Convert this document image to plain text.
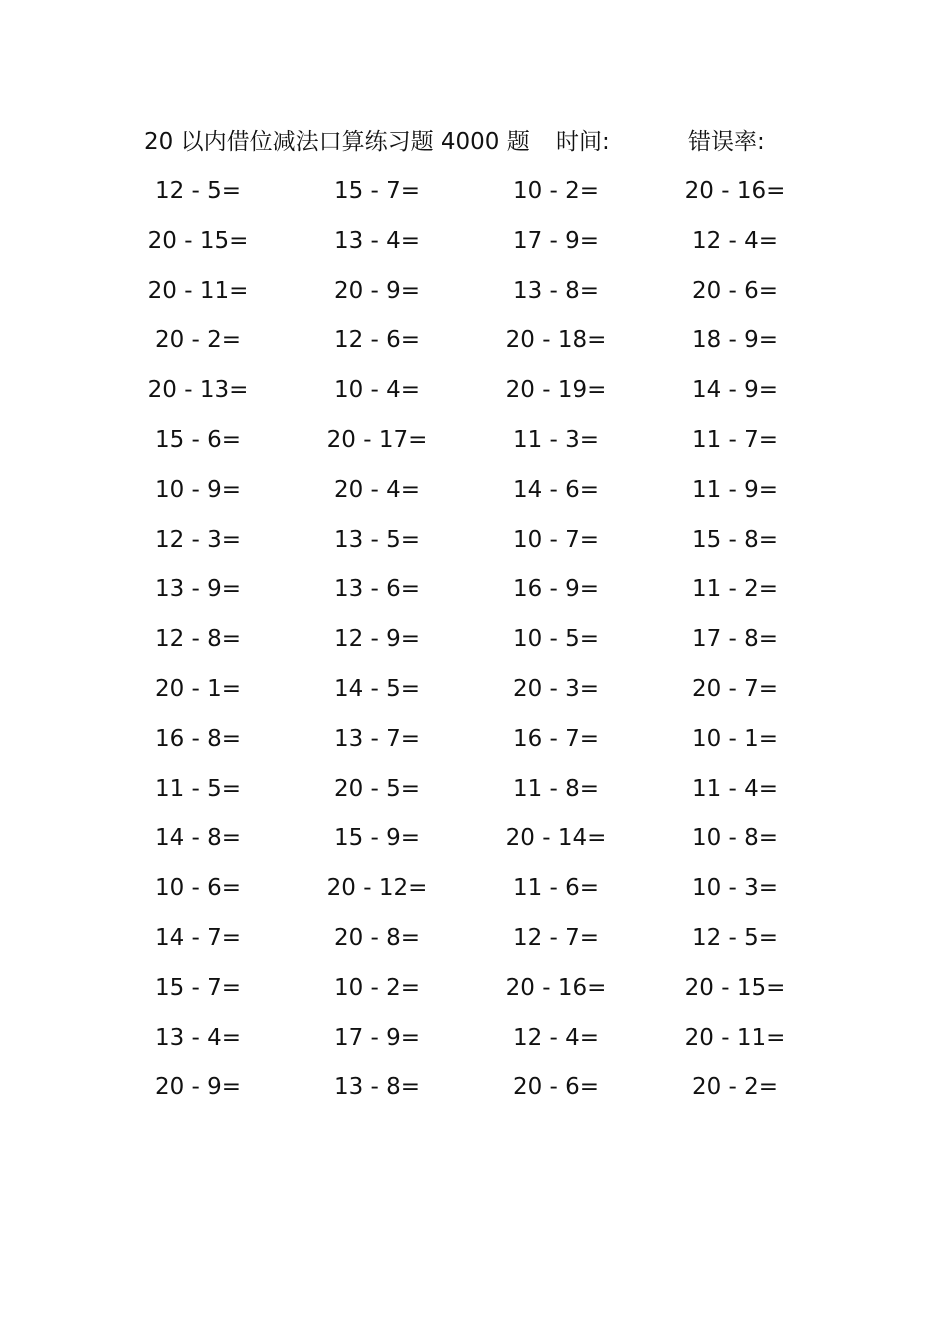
20 以内借位减法口算练习题 4000 题 时间:	错误率:
12 - 5=	15 - 7=	10 - 2=	20 - 16=
20 - 15=	13 - 4=	17 - 9=	12 - 4=
20 - 11=	20 - 9=	13 - 8=	20 - 6=
20 - 2=	12 - 6=	20 - 18=	18 - 9=
20 - 13=	10 - 4=	20 - 19=	14 - 9=
15 - 6=	20 - 17=	11 - 3=	11 - 7=
10 - 9=	20 - 4=	14 - 6=	11 - 9=
12 - 3=	13 - 5=	10 - 7=	15 - 8=
13 - 9=	13 - 6=	16 - 9=	11 - 2=
12 - 8=	12 - 9=	10 - 5=	17 - 8=
20 - 1=	14 - 5=	20 - 3=	20 - 7=
16 - 8=	13 - 7=	16 - 7=	10 - 1=
11 - 5=	20 - 5=	11 - 8=	11 - 4=
14 - 8=	15 - 9=	20 - 14=	10 - 8=
10 - 6=	20 - 12=	11 - 6=	10 - 3=
14 - 7=	20 - 8=	12 - 7=	12 - 5=
15 - 7=	10 - 2=	20 - 16=	20 - 15=
13 - 4=	17 - 9=	12 - 4=	20 - 11=
20 - 9=	13 - 8=	20 - 6=	20 - 2=
